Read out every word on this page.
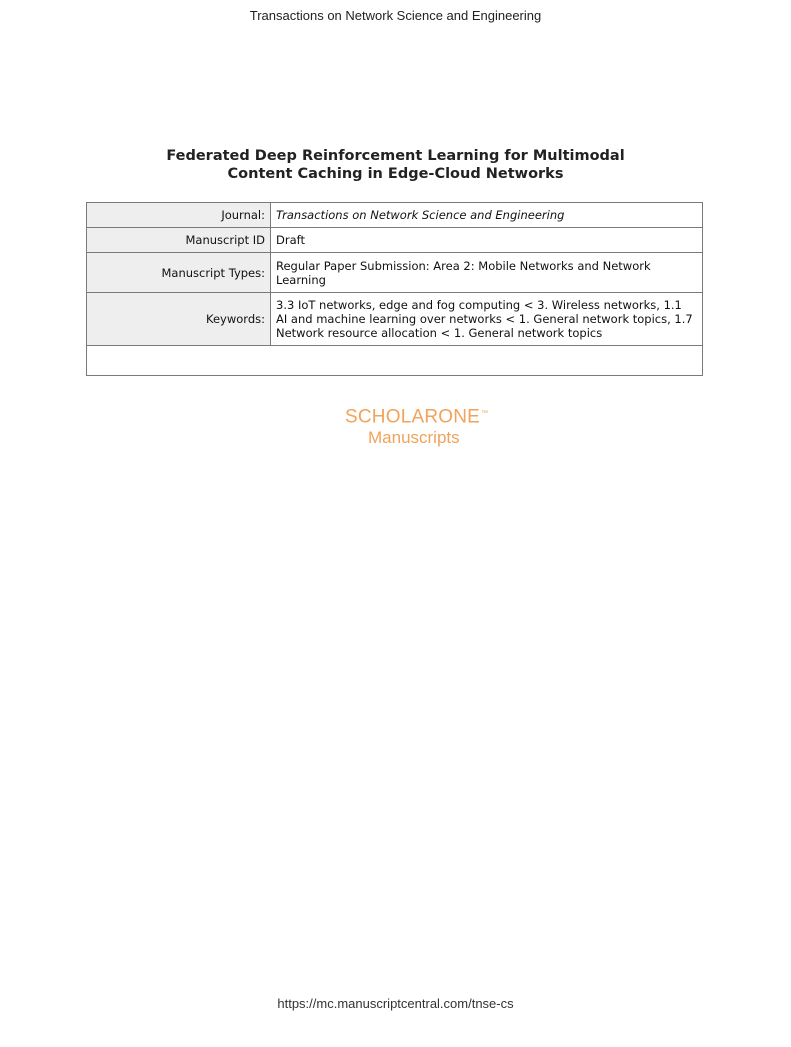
Transactions on Network Science and Engineering
Federated Deep Reinforcement Learning for Multimodal
Content Caching in Edge-Cloud Networks
Journal:	Transactions on Network Science and Engineering
Manuscript ID	Draft
Manuscript Types:	Regular Paper Submission: Area 2: Mobile Networks and Network
Learning

Keywords:	3.3 IoT networks, edge and fog computing < 3. Wireless networks, 1.1
AI and machine learning over networks < 1. General network topics, 1.7
Network resource allocation < 1. General network topics

SCHOLARONE™
Manuscripts
https://mc.manuscriptcentral.com/tnse-cs
